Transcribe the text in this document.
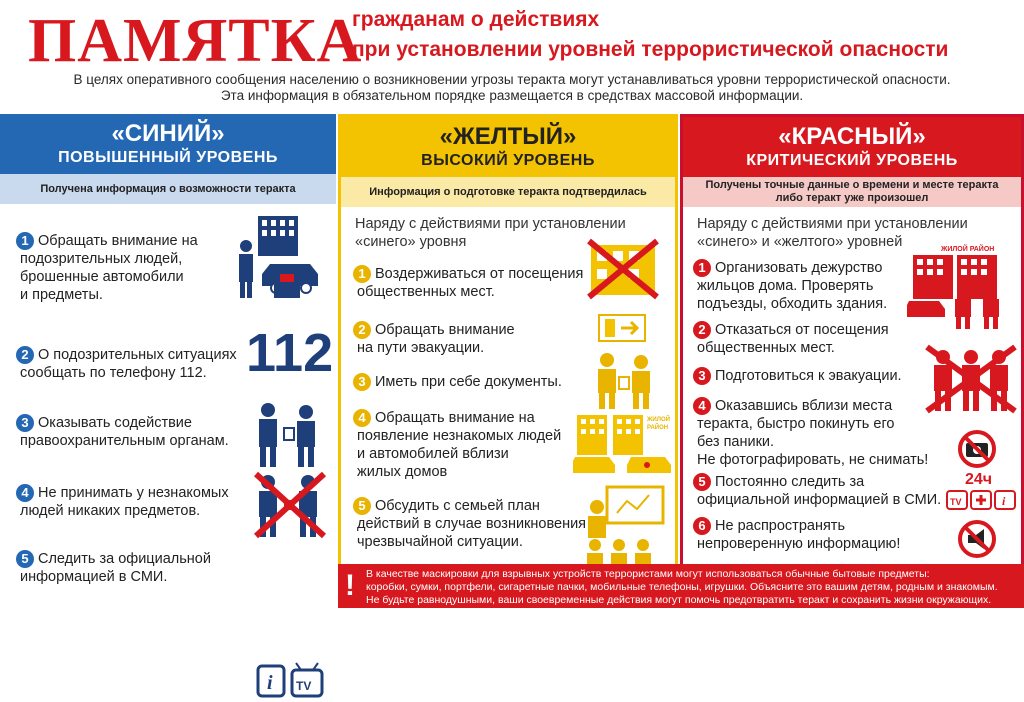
ПАМЯТКА
гражданам о действиях
при установлении уровней террористической опасности
В целях оперативного сообщения населению о возникновении угрозы теракта могут устанавливаться уровни террористической опасности.
Эта информация в обязательном порядке размещается в средствах массовой информации.
«СИНИЙ»
ПОВЫШЕННЫЙ УРОВЕНЬ
Получена информация о возможности теракта
1 Обращать внимание на
подозрительных людей,
брошенные автомобили
и предметы.
2 О подозрительных ситуациях
сообщать по телефону 112.
3 Оказывать содействие
правоохранительным органам.
4 Не принимать у незнакомых
людей никаких предметов.
5 Следить за официальной
информацией в СМИ.
112
i TV
«ЖЕЛТЫЙ»
ВЫСОКИЙ УРОВЕНЬ
Информация о подготовке теракта подтвердилась
Наряду с действиями при установлении
«синего» уровня
1 Воздерживаться от посещения
общественных мест.
2 Обращать внимание
на пути эвакуации.
3 Иметь при себе документы.
4 Обращать внимание на
появление незнакомых людей
и автомобилей вблизи
жилых домов
5 Обсудить с семьей план
действий в случае возникновения
чрезвычайной ситуации.
ЖИЛОЙ
РАЙОН
«КРАСНЫЙ»
КРИТИЧЕСКИЙ УРОВЕНЬ
Получены точные данные о времени и месте теракта
либо теракт уже произошел
Наряду с действиями при установлении
«синего» и «желтого» уровней
1 Организовать дежурство
жильцов дома. Проверять
подъезды, обходить здания.
2 Отказаться от посещения
общественных мест.
3 Подготовиться к эвакуации.
4 Оказавшись вблизи места
теракта, быстро покинуть его
без паники.
Не фотографировать, не снимать!
5 Постоянно следить за
официальной информацией в СМИ.
6 Не распространять
непроверенную информацию!
ЖИЛОЙ РАЙОН
24ч
TV	i
!	В качестве маскировки для взрывных устройств террористами могут использоваться обычные бытовые предметы:
коробки, сумки, портфели, сигаретные пачки, мобильные телефоны, игрушки. Объясните это вашим детям, родным и знакомым.
Не будьте равнодушными, ваши своевременные действия могут помочь предотвратить теракт и сохранить жизни окружающих.
